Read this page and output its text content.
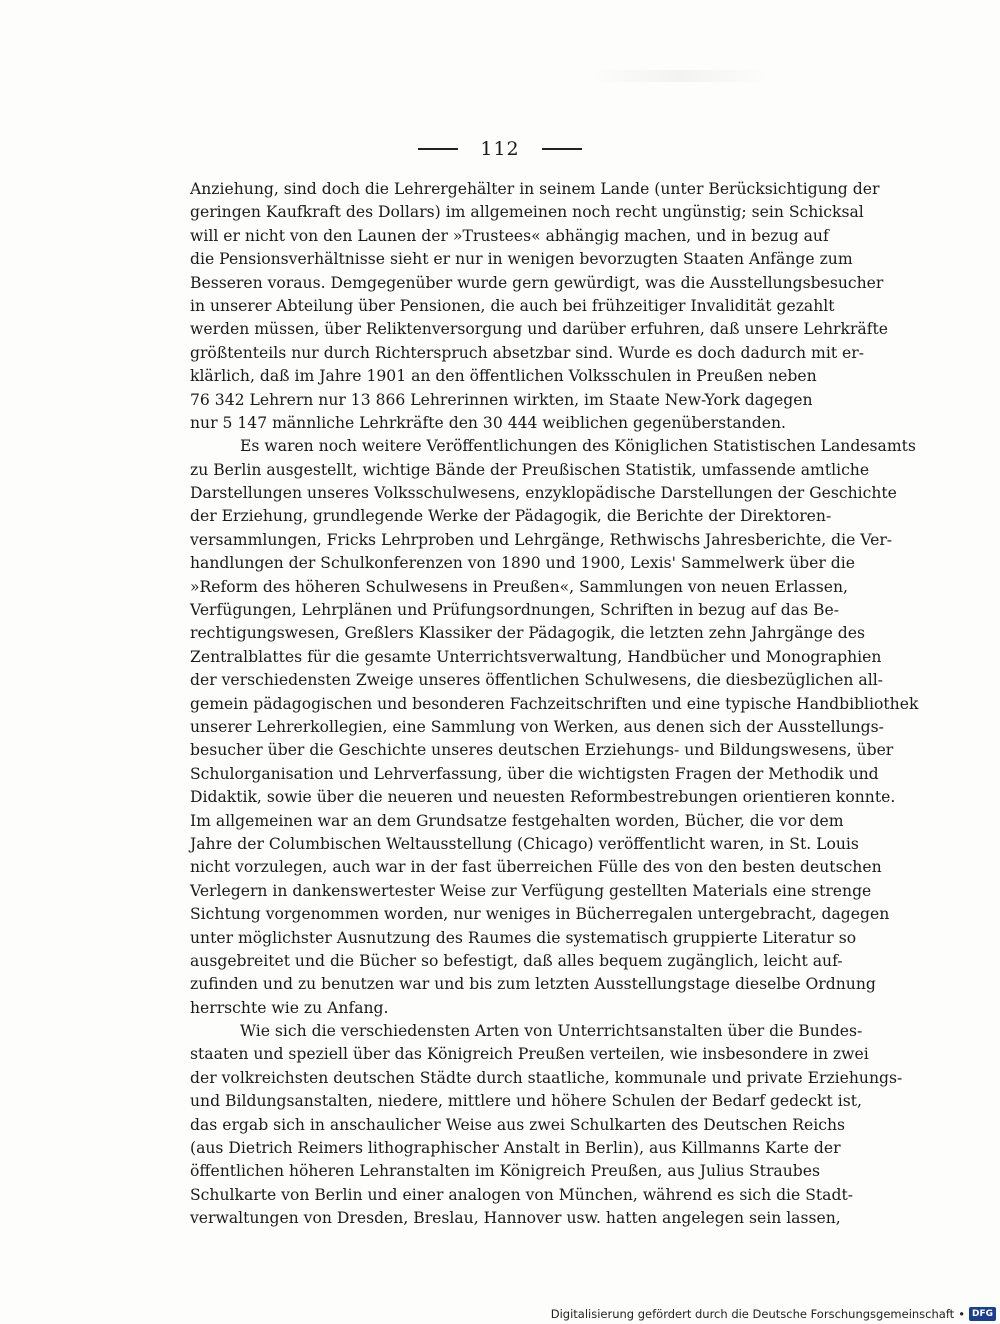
112
Anziehung, sind doch die Lehrergehälter in seinem Lande (unter Berücksichtigung der
geringen Kaufkraft des Dollars) im allgemeinen noch recht ungünstig; sein Schicksal
will er nicht von den Launen der »Trustees« abhängig machen, und in bezug auf
die Pensionsverhältnisse sieht er nur in wenigen bevorzugten Staaten Anfänge zum
Besseren voraus. Demgegenüber wurde gern gewürdigt, was die Ausstellungsbesucher
in unserer Abteilung über Pensionen, die auch bei frühzeitiger Invalidität gezahlt
werden müssen, über Reliktenversorgung und darüber erfuhren, daß unsere Lehrkräfte
größtenteils nur durch Richterspruch absetzbar sind. Wurde es doch dadurch mit er-
klärlich, daß im Jahre 1901 an den öffentlichen Volksschulen in Preußen neben
76 342 Lehrern nur 13 866 Lehrerinnen wirkten, im Staate New-York dagegen
nur 5 147 männliche Lehrkräfte den 30 444 weiblichen gegenüberstanden.
Es waren noch weitere Veröffentlichungen des Königlichen Statistischen Landesamts
zu Berlin ausgestellt, wichtige Bände der Preußischen Statistik, umfassende amtliche
Darstellungen unseres Volksschulwesens, enzyklopädische Darstellungen der Geschichte
der Erziehung, grundlegende Werke der Pädagogik, die Berichte der Direktoren-
versammlungen, Fricks Lehrproben und Lehrgänge, Rethwischs Jahresberichte, die Ver-
handlungen der Schulkonferenzen von 1890 und 1900, Lexis' Sammelwerk über die
»Reform des höheren Schulwesens in Preußen«, Sammlungen von neuen Erlassen,
Verfügungen, Lehrplänen und Prüfungsordnungen, Schriften in bezug auf das Be-
rechtigungswesen, Greßlers Klassiker der Pädagogik, die letzten zehn Jahrgänge des
Zentralblattes für die gesamte Unterrichtsverwaltung, Handbücher und Monographien
der verschiedensten Zweige unseres öffentlichen Schulwesens, die diesbezüglichen all-
gemein pädagogischen und besonderen Fachzeitschriften und eine typische Handbibliothek
unserer Lehrerkollegien, eine Sammlung von Werken, aus denen sich der Ausstellungs-
besucher über die Geschichte unseres deutschen Erziehungs- und Bildungswesens, über
Schulorganisation und Lehrverfassung, über die wichtigsten Fragen der Methodik und
Didaktik, sowie über die neueren und neuesten Reformbestrebungen orientieren konnte.
Im allgemeinen war an dem Grundsatze festgehalten worden, Bücher, die vor dem
Jahre der Columbischen Weltausstellung (Chicago) veröffentlicht waren, in St. Louis
nicht vorzulegen, auch war in der fast überreichen Fülle des von den besten deutschen
Verlegern in dankenswertester Weise zur Verfügung gestellten Materials eine strenge
Sichtung vorgenommen worden, nur weniges in Bücherregalen untergebracht, dagegen
unter möglichster Ausnutzung des Raumes die systematisch gruppierte Literatur so
ausgebreitet und die Bücher so befestigt, daß alles bequem zugänglich, leicht auf-
zufinden und zu benutzen war und bis zum letzten Ausstellungstage dieselbe Ordnung
herrschte wie zu Anfang.
Wie sich die verschiedensten Arten von Unterrichtsanstalten über die Bundes-
staaten und speziell über das Königreich Preußen verteilen, wie insbesondere in zwei
der volkreichsten deutschen Städte durch staatliche, kommunale und private Erziehungs-
und Bildungsanstalten, niedere, mittlere und höhere Schulen der Bedarf gedeckt ist,
das ergab sich in anschaulicher Weise aus zwei Schulkarten des Deutschen Reichs
(aus Dietrich Reimers lithographischer Anstalt in Berlin), aus Killmanns Karte der
öffentlichen höheren Lehranstalten im Königreich Preußen, aus Julius Straubes
Schulkarte von Berlin und einer analogen von München, während es sich die Stadt-
verwaltungen von Dresden, Breslau, Hannover usw. hatten angelegen sein lassen,
Digitalisierung gefördert durch die Deutsche Forschungsgemeinschaft • DFG
